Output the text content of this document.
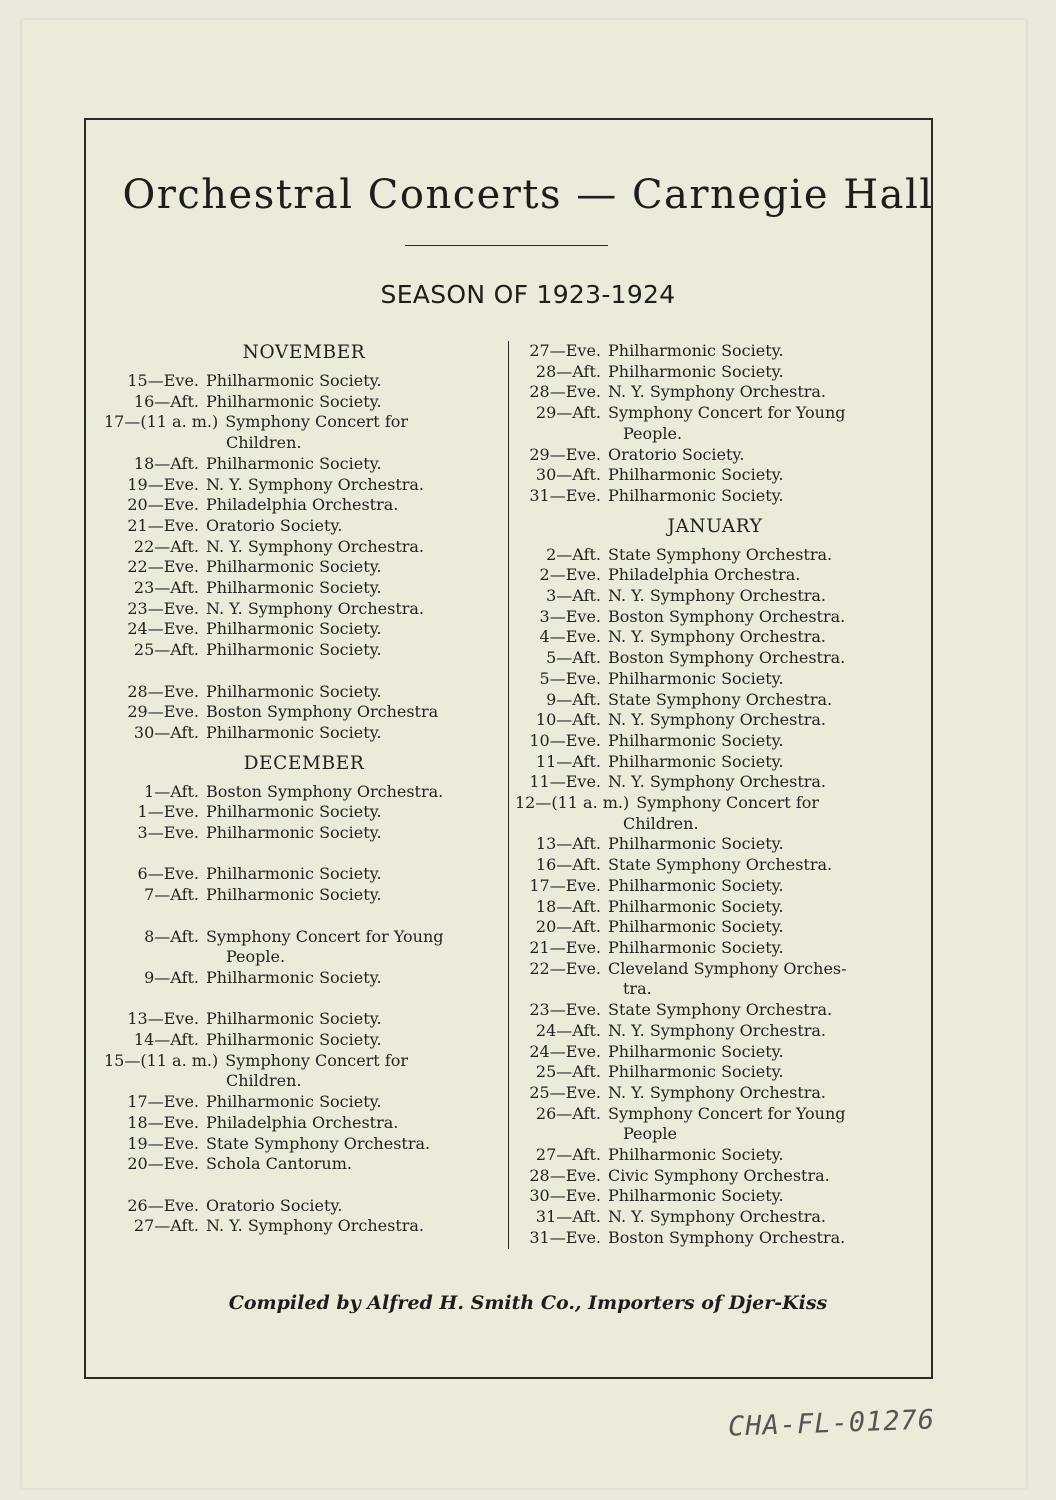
Orchestral Concerts — Carnegie Hall
SEASON OF 1923-1924
NOVEMBER
15—Eve. Philharmonic Society.
16—Aft. Philharmonic Society.
17—(11 a. m.) Symphony Concert for
Children.
18—Aft. Philharmonic Society.
19—Eve. N. Y. Symphony Orchestra.
20—Eve. Philadelphia Orchestra.
21—Eve. Oratorio Society.
22—Aft. N. Y. Symphony Orchestra.
22—Eve. Philharmonic Society.
23—Aft. Philharmonic Society.
23—Eve. N. Y. Symphony Orchestra.
24—Eve. Philharmonic Society.
25—Aft. Philharmonic Society.
28—Eve. Philharmonic Society.
29—Eve. Boston Symphony Orchestra
30—Aft. Philharmonic Society.
DECEMBER
1—Aft. Boston Symphony Orchestra.
1—Eve. Philharmonic Society.
3—Eve. Philharmonic Society.
6—Eve. Philharmonic Society.
7—Aft. Philharmonic Society.
8—Aft. Symphony Concert for Young
People.
9—Aft. Philharmonic Society.
13—Eve. Philharmonic Society.
14—Aft. Philharmonic Society.
15—(11 a. m.) Symphony Concert for
Children.
17—Eve. Philharmonic Society.
18—Eve. Philadelphia Orchestra.
19—Eve. State Symphony Orchestra.
20—Eve. Schola Cantorum.
26—Eve. Oratorio Society.
27—Aft. N. Y. Symphony Orchestra.
27—Eve. Philharmonic Society.
28—Aft. Philharmonic Society.
28—Eve. N. Y. Symphony Orchestra.
29—Aft. Symphony Concert for Young
People.
29—Eve. Oratorio Society.
30—Aft. Philharmonic Society.
31—Eve. Philharmonic Society.
JANUARY
2—Aft. State Symphony Orchestra.
2—Eve. Philadelphia Orchestra.
3—Aft. N. Y. Symphony Orchestra.
3—Eve. Boston Symphony Orchestra.
4—Eve. N. Y. Symphony Orchestra.
5—Aft. Boston Symphony Orchestra.
5—Eve. Philharmonic Society.
9—Aft. State Symphony Orchestra.
10—Aft. N. Y. Symphony Orchestra.
10—Eve. Philharmonic Society.
11—Aft. Philharmonic Society.
11—Eve. N. Y. Symphony Orchestra.
12—(11 a. m.) Symphony Concert for
Children.
13—Aft. Philharmonic Society.
16—Aft. State Symphony Orchestra.
17—Eve. Philharmonic Society.
18—Aft. Philharmonic Society.
20—Aft. Philharmonic Society.
21—Eve. Philharmonic Society.
22—Eve. Cleveland Symphony Orches-
tra.
23—Eve. State Symphony Orchestra.
24—Aft. N. Y. Symphony Orchestra.
24—Eve. Philharmonic Society.
25—Aft. Philharmonic Society.
25—Eve. N. Y. Symphony Orchestra.
26—Aft. Symphony Concert for Young
People
27—Aft. Philharmonic Society.
28—Eve. Civic Symphony Orchestra.
30—Eve. Philharmonic Society.
31—Aft. N. Y. Symphony Orchestra.
31—Eve. Boston Symphony Orchestra.
Compiled by Alfred H. Smith Co., Importers of Djer-Kiss
CHA-FL-01276
